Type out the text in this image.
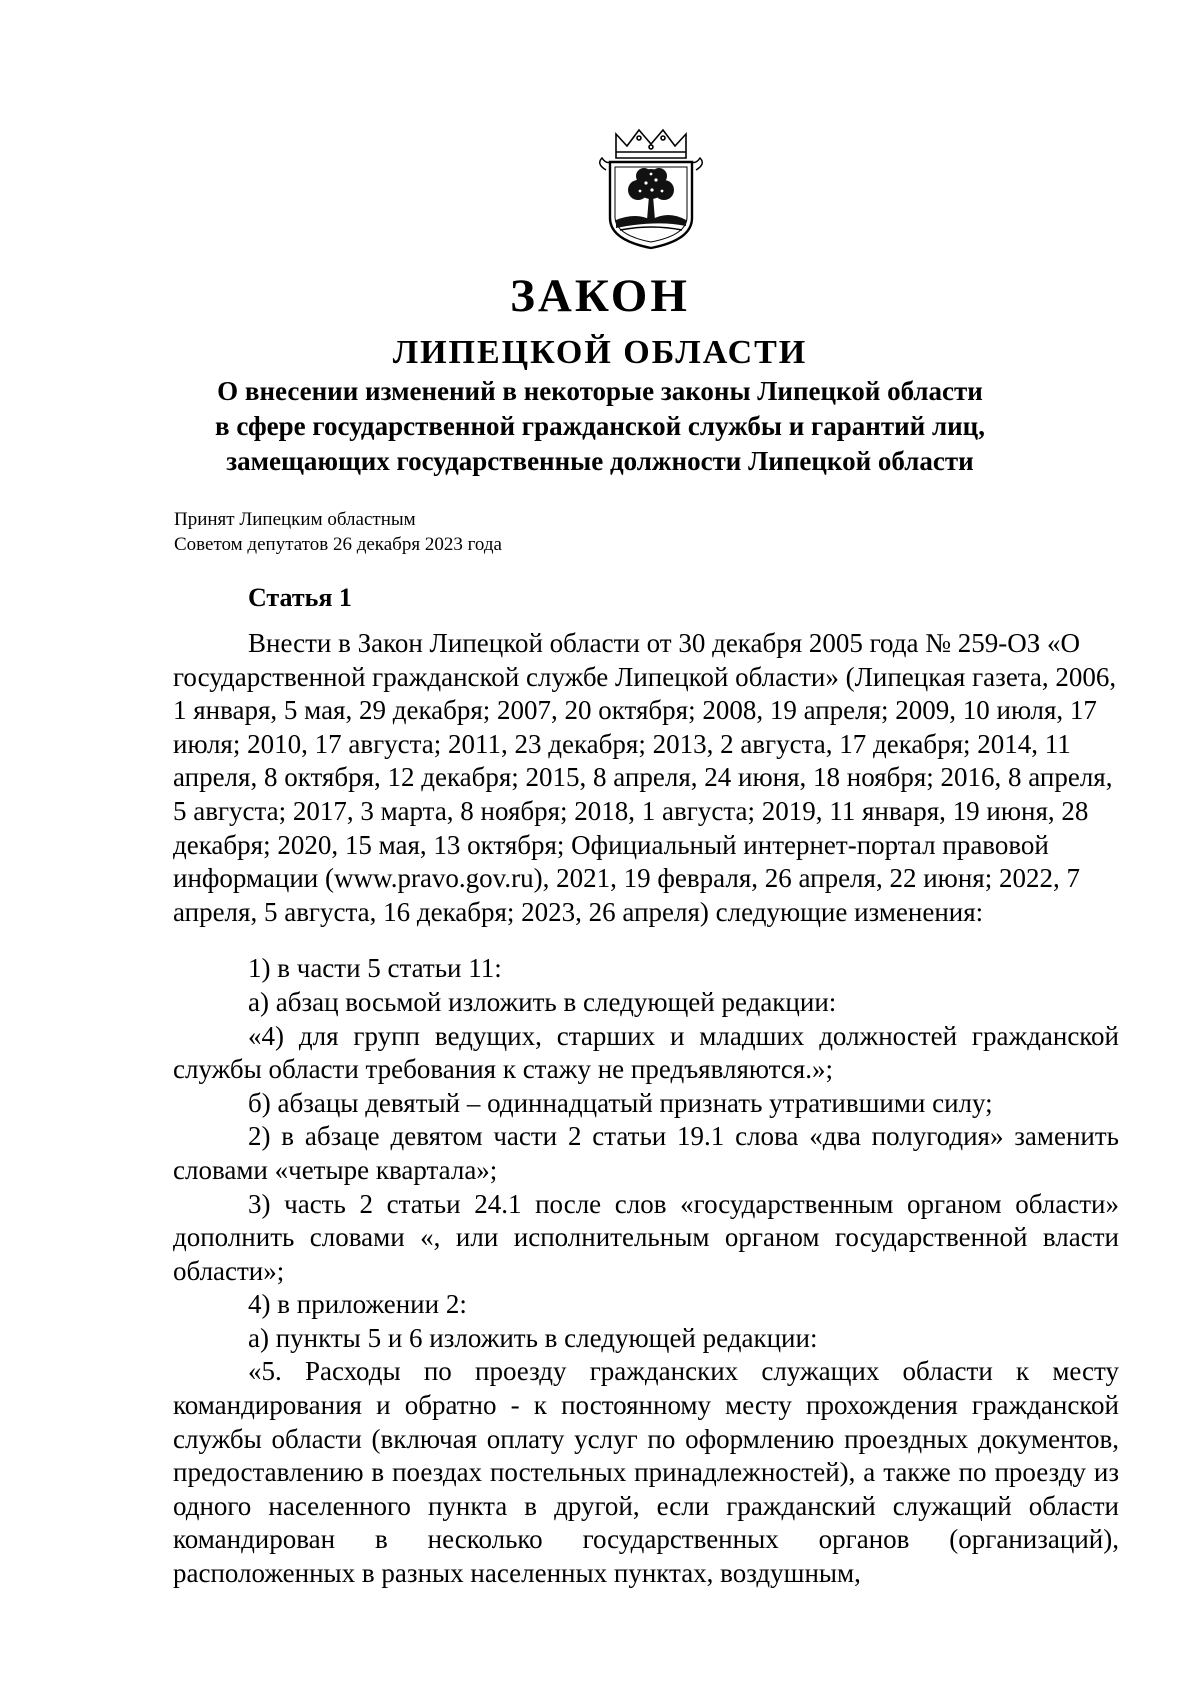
ЗАКОН
ЛИПЕЦКОЙ ОБЛАСТИ
О внесении изменений в некоторые законы Липецкой области
в сфере государственной гражданской службы и гарантий лиц,
замещающих государственные должности Липецкой области
Принят Липецким областным
Советом депутатов 26 декабря 2023 года
Статья 1

Внести в Закон Липецкой области от 30 декабря 2005 года № 259-ОЗ «О государственной гражданской службе Липецкой области» (Липецкая газета, 2006, 1 января, 5 мая, 29 декабря; 2007, 20 октября; 2008, 19 апреля; 2009, 10 июля, 17 июля; 2010, 17 августа; 2011, 23 декабря; 2013, 2 августа, 17 декабря; 2014, 11 апреля, 8 октября, 12 декабря; 2015, 8 апреля, 24 июня, 18 ноября; 2016, 8 апреля, 5 августа; 2017, 3 марта, 8 ноября; 2018, 1 августа; 2019, 11 января, 19 июня, 28 декабря; 2020, 15 мая, 13 октября; Официальный интернет-портал правовой информации (www.pravo.gov.ru), 2021, 19 февраля, 26 апреля, 22 июня; 2022, 7 апреля, 5 августа, 16 декабря; 2023, 26 апреля) следующие изменения:

1) в части 5 статьи 11:

а) абзац восьмой изложить в следующей редакции:

«4) для групп ведущих, старших и младших должностей гражданской службы области требования к стажу не предъявляются.»;

б) абзацы девятый – одиннадцатый признать утратившими силу;

2) в абзаце девятом части 2 статьи 19.1 слова «два полугодия» заменить словами «четыре квартала»;

3) часть 2 статьи 24.1 после слов «государственным органом области» дополнить словами «, или исполнительным органом государственной власти области»;

4) в приложении 2:

а) пункты 5 и 6 изложить в следующей редакции:

«5. Расходы по проезду гражданских служащих области к месту командирования и обратно - к постоянному месту прохождения гражданской службы области (включая оплату услуг по оформлению проездных документов, предоставлению в поездах постельных принадлежностей), а также по проезду из одного населенного пункта в другой, если гражданский служащий области командирован в несколько государственных органов (организаций), расположенных в разных населенных пунктах, воздушным,
